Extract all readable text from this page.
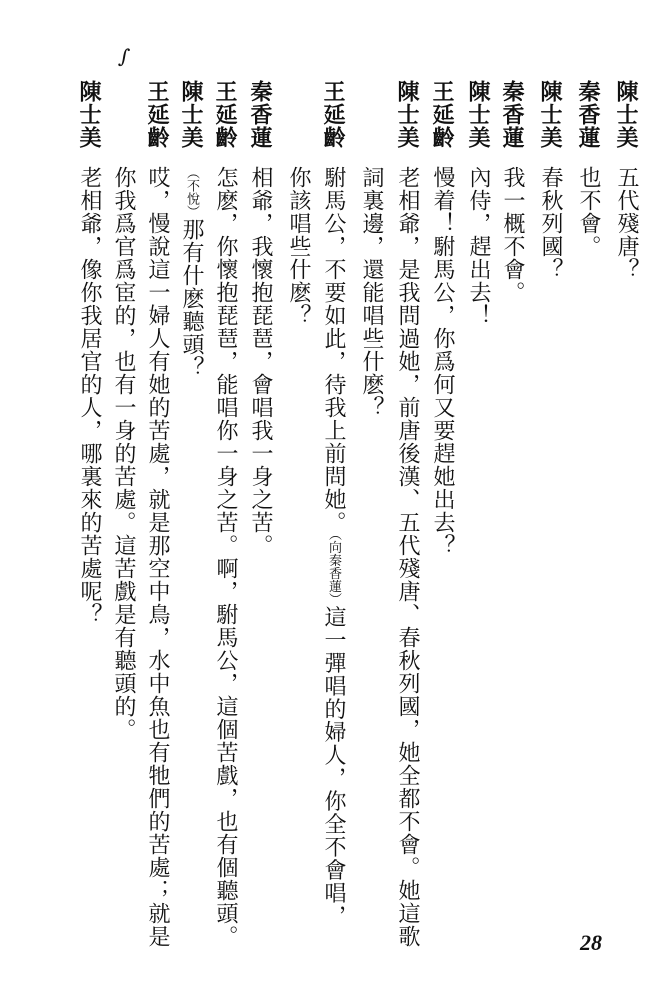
∫
陳士美
五代殘唐？
秦香蓮
也不會。
陳士美
春秋列國？
秦香蓮
我一概不會。
陳士美
內侍，趕出去！
王延齡
慢着！駙馬公，你爲何又要趕她出去？
陳士美
老相爺，是我問過她，前唐後漢、五代殘唐、春秋列國，她全都不會。她這歌
詞裏邊，還能唱些什麽？
王延齡
駙馬公，不要如此，待我上前問她。（向秦香蓮）這一彈唱的婦人，你全不會唱，
你該唱些什麽？
秦香蓮
相爺，我懷抱琵琶，會唱我一身之苦。
王延齡
怎麽，你懷抱琵琶，能唱你一身之苦。啊，駙馬公，這個苦戲，也有個聽頭。
陳士美
（不悅）那有什麽聽頭？
王延齡
哎，慢說這一婦人有她的苦處，就是那空中鳥，水中魚也有牠們的苦處；就是
你我爲官爲宦的，也有一身的苦處。這苦戲是有聽頭的。
陳士美
老相爺，像你我居官的人，哪裏來的苦處呢？
28
